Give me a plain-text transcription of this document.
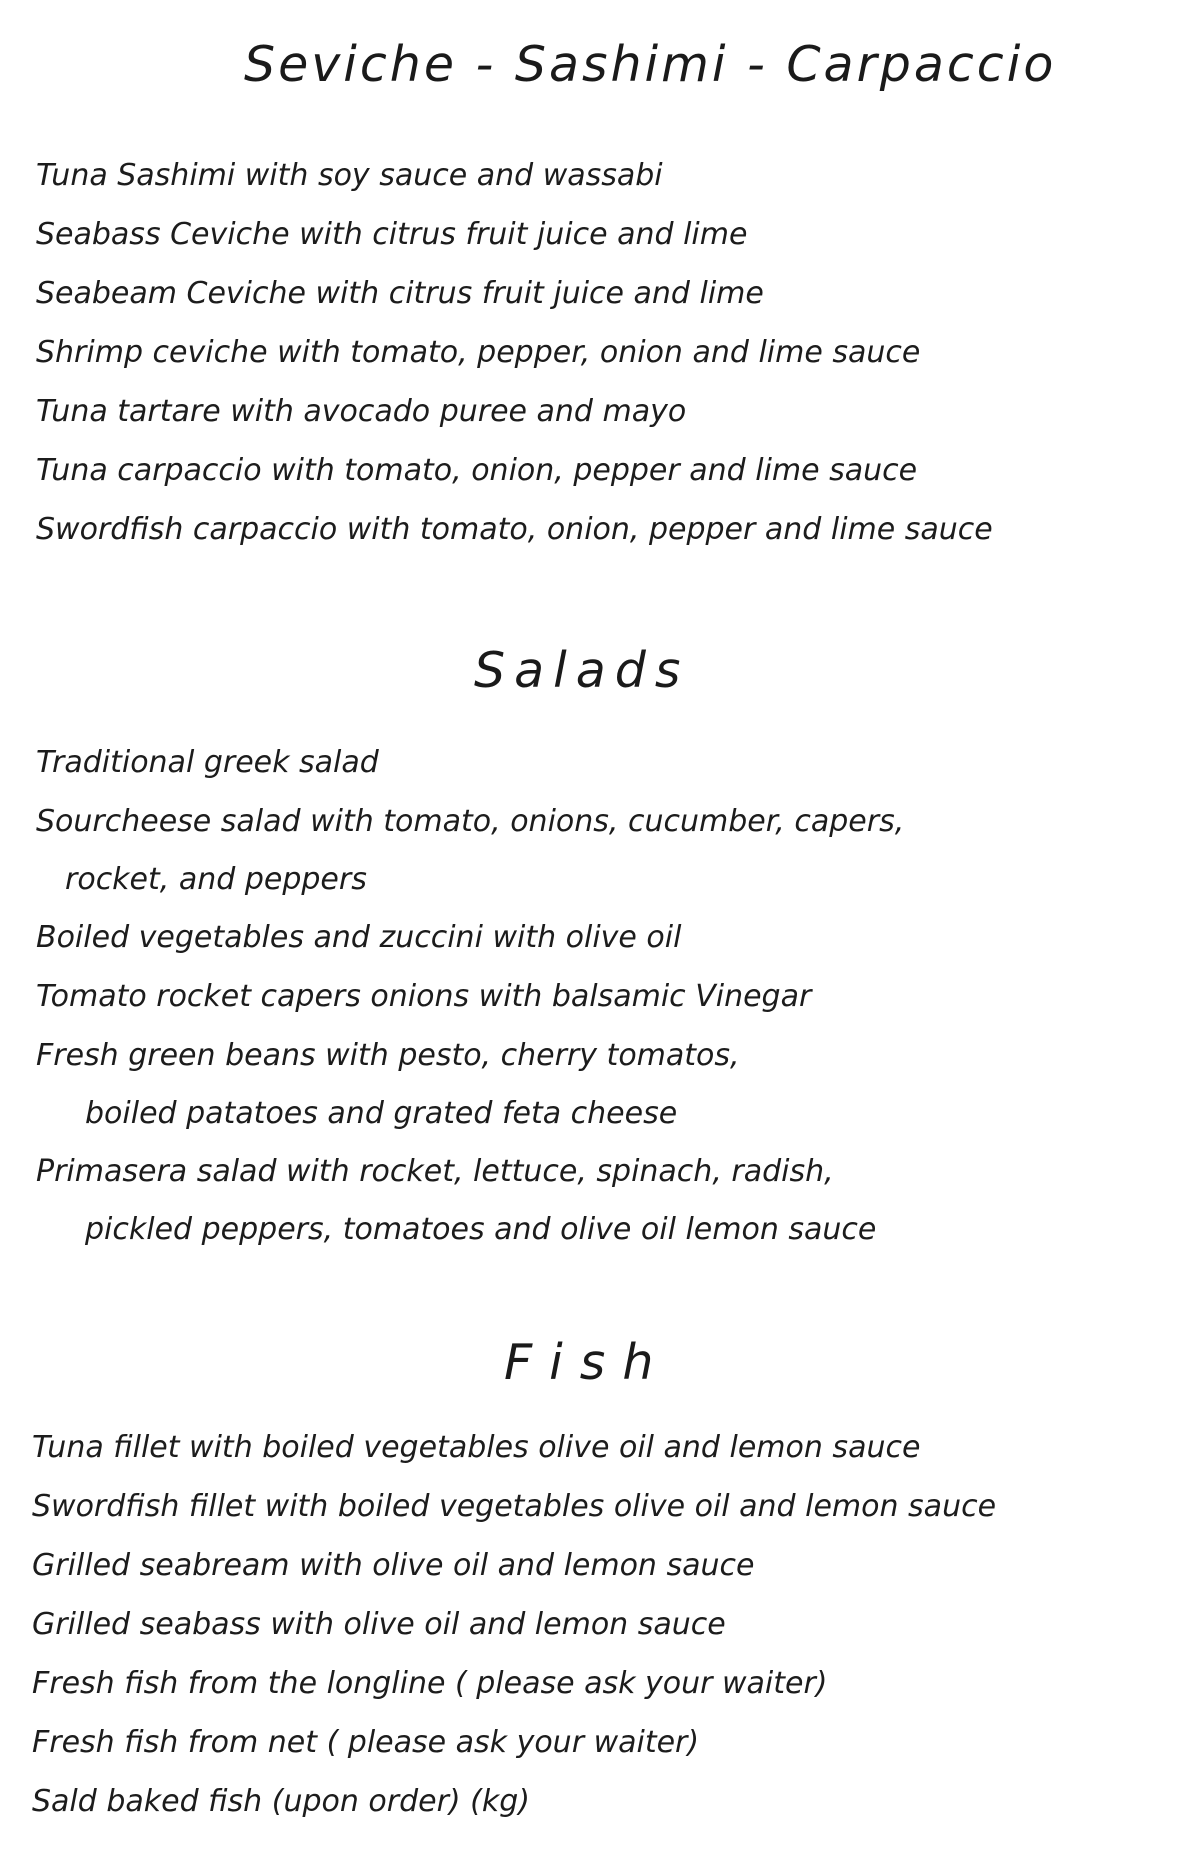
Seviche - Sashimi - Carpaccio
Tuna Sashimi with soy sauce and wassabi
Seabass Ceviche with citrus fruit juice and lime
Seabeam Ceviche with citrus fruit juice and lime
Shrimp ceviche with tomato, pepper, onion and lime sauce
Tuna tartare with avocado puree and mayo
Tuna carpaccio with tomato, onion, pepper and lime sauce
Swordfish carpaccio with tomato, onion, pepper and lime sauce
Salads
Traditional greek salad
Sourcheese salad with tomato, onions, cucumber, capers,
rocket, and peppers
Boiled vegetables and zuccini with olive oil
Tomato rocket capers onions with balsamic Vinegar
Fresh green beans with pesto, cherry tomatos,
boiled patatoes and grated feta cheese
Primasera salad with rocket, lettuce, spinach, radish,
pickled peppers, tomatoes and olive oil lemon sauce
Fish
Tuna fillet with boiled vegetables olive oil and lemon sauce
Swordfish fillet with boiled vegetables olive oil and lemon sauce
Grilled seabream with olive oil and lemon sauce
Grilled seabass with olive oil and lemon sauce
Fresh fish from the longline ( please ask your waiter)
Fresh fish from net ( please ask your waiter)
Sald baked fish (upon order) (kg)
